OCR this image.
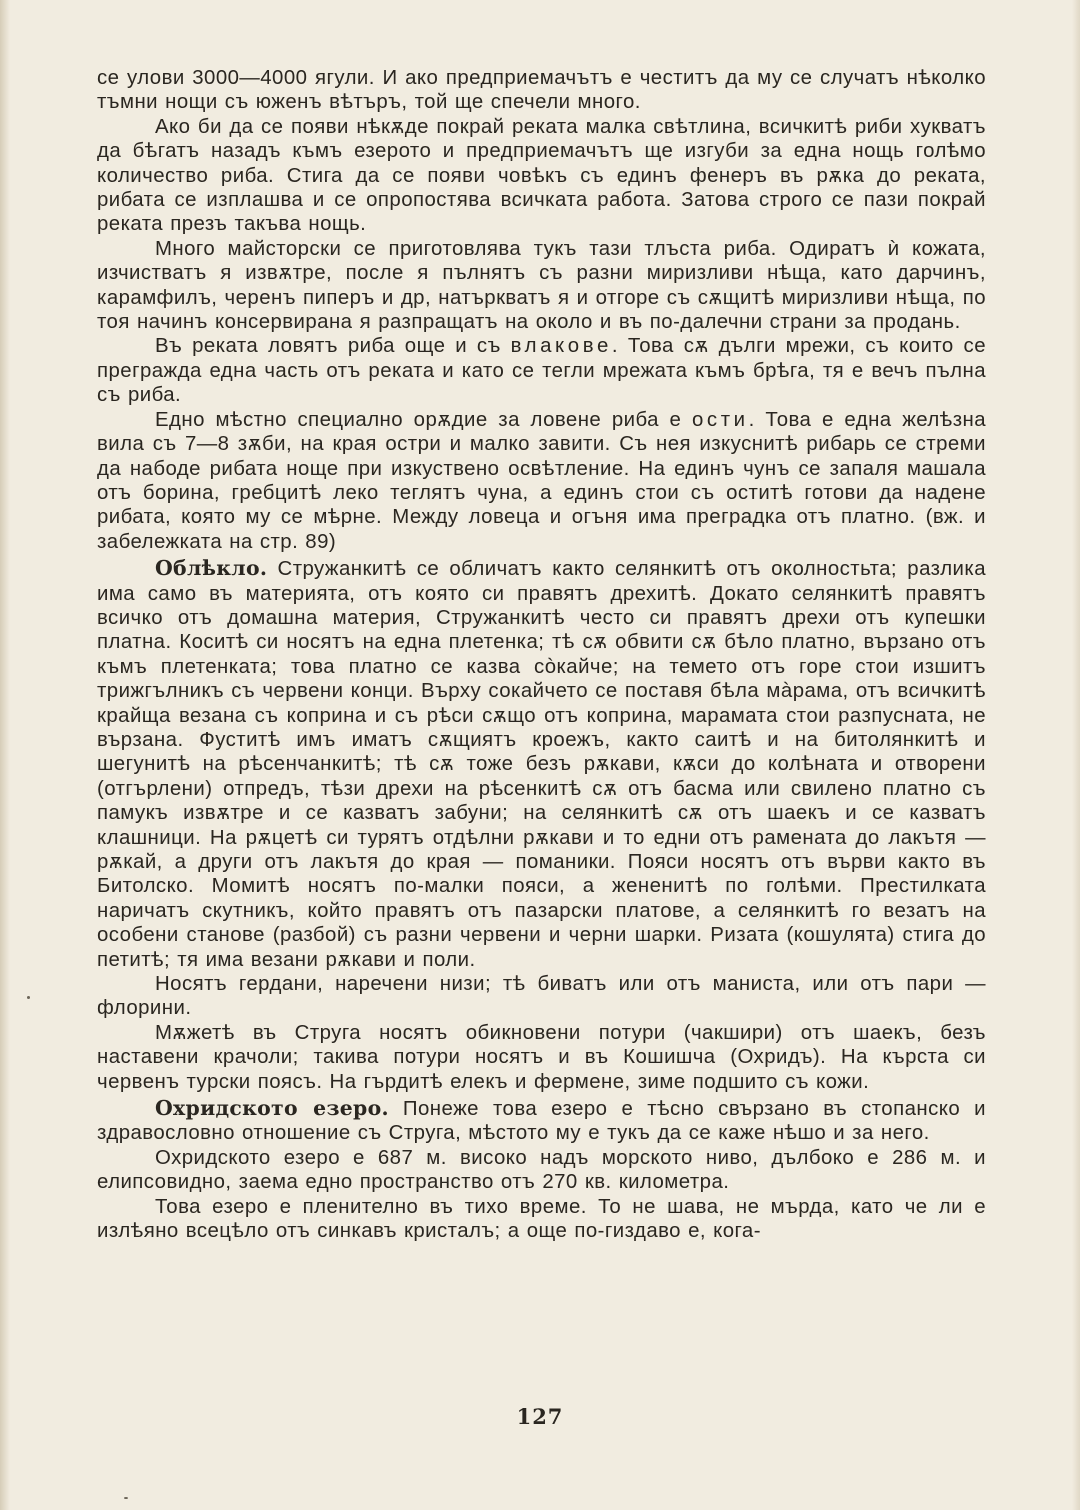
се улови 3000—4000 ягули. И ако предприемачътъ е честитъ да му се случатъ нѣколко тъмни нощи съ юженъ вѣтъръ, той ще спечели много.

Ако би да се появи нѣкѫде покрай реката малка свѣтлина, всичкитѣ риби хукватъ да бѣгатъ назадъ къмъ езерото и предприемачътъ ще изгуби за една нощь голѣмо количество риба. Стига да се появи човѣкъ съ единъ фенеръ въ рѫка до реката, рибата се изплашва и се опропостява всичката работа. Затова строго се пази покрай реката презъ такъва нощь.

Много майсторски се приготовлява тукъ тази тлъста риба. Одиратъ ѝ кожата, изчистватъ я извѫтре, после я пълнятъ съ разни миризливи нѣща, като дарчинъ, карамфилъ, черенъ пиперъ и др, натъркватъ я и отгоре съ сѫщитѣ миризливи нѣща, по тоя начинъ консервирана я разпращатъ на около и въ по-далечни страни за продань.

Въ реката ловятъ риба още и съ влакове. Това сѫ дълги мрежи, съ които се прегражда една часть отъ реката и като се тегли мрежата къмъ брѣга, тя е вечъ пълна съ риба.

Едно мѣстно специално орѫдие за ловене риба е ости. Това е една желѣзна вила съ 7—8 зѫби, на края остри и малко завити. Съ нея изкуснитѣ рибарь се стреми да набоде рибата ноще при изкуствено освѣтление. На единъ чунъ се запаля машала отъ борина, гребцитѣ леко теглятъ чуна, а единъ стои съ оститѣ готови да надене рибата, която му се мѣрне. Между ловеца и огъня има преградка отъ платно. (вж. и забележката на стр. 89)

Облѣкло. Стружанкитѣ се обличатъ както селянкитѣ отъ околностьта; разлика има само въ материята, отъ която си правятъ дрехитѣ. Докато селянкитѣ правятъ всичко отъ домашна материя, Стружанкитѣ често си правятъ дрехи отъ купешки платна. Коситѣ си носятъ на една плетенка; тѣ сѫ обвити сѫ бѣло платно, вързано отъ къмъ плетенката; това платно се казва сòкайче; на темето отъ горе стои изшитъ трижгълникъ съ червени конци. Върху сокайчето се поставя бѣла мàрама, отъ всичкитѣ крайща везана съ коприна и съ рѣси сѫщо отъ коприна, марамата стои разпусната, не вързана. Фуститѣ имъ иматъ сѫщиятъ кроежъ, както саитѣ и на битолянкитѣ и шегунитѣ на рѣсенчанкитѣ; тѣ сѫ тоже безъ рѫкави, кѫси до колѣната и отворени (отгърлени) отпредъ, тѣзи дрехи на рѣсенкитѣ сѫ отъ басма или свилено платно съ памукъ извѫтре и се казватъ забуни; на селянкитѣ сѫ отъ шаекъ и се казватъ клашници. На рѫцетѣ си турятъ отдѣлни рѫкави и то едни отъ рамената до лакътя — рѫкай, а други отъ лакътя до края — помaники. Пояси носятъ отъ върви както въ Битолско. Момитѣ носятъ по-малки пояси, а жененитѣ по голѣми. Престилката наричатъ скутникъ, който правятъ отъ пазарски платове, а селянкитѣ го везатъ на особени станове (разбой) съ разни червени и черни шарки. Ризата (кошулята) стига до петитѣ; тя има везани рѫкави и поли.

Носятъ гердани, наречени низи; тѣ биватъ или отъ маниста, или отъ пари — флорини.

Мѫжетѣ въ Струга носятъ обикновени потури (чакшири) отъ шаекъ, безъ наставени крачоли; такива потури носятъ и въ Кошишча (Охридъ). На кърста си червенъ турски поясъ. На гърдитѣ елекъ и фермене, зиме подшито съ кожи.

Охридското езеро. Понеже това езеро е тѣсно свързано въ стопанско и здравословно отношение съ Струга, мѣстото му е тукъ да се каже нѣшо и за него.

Охридското езеро е 687 м. високо надъ морското ниво, дълбоко е 286 м. и елипсовидно, заема едно пространство отъ 270 кв. километра.

Това езеро е пленително въ тихо време. То не шава, не мърда, като че ли е излѣяно всецѣло отъ синкавъ кристалъ; а още по-гиздаво е, кога-

127
